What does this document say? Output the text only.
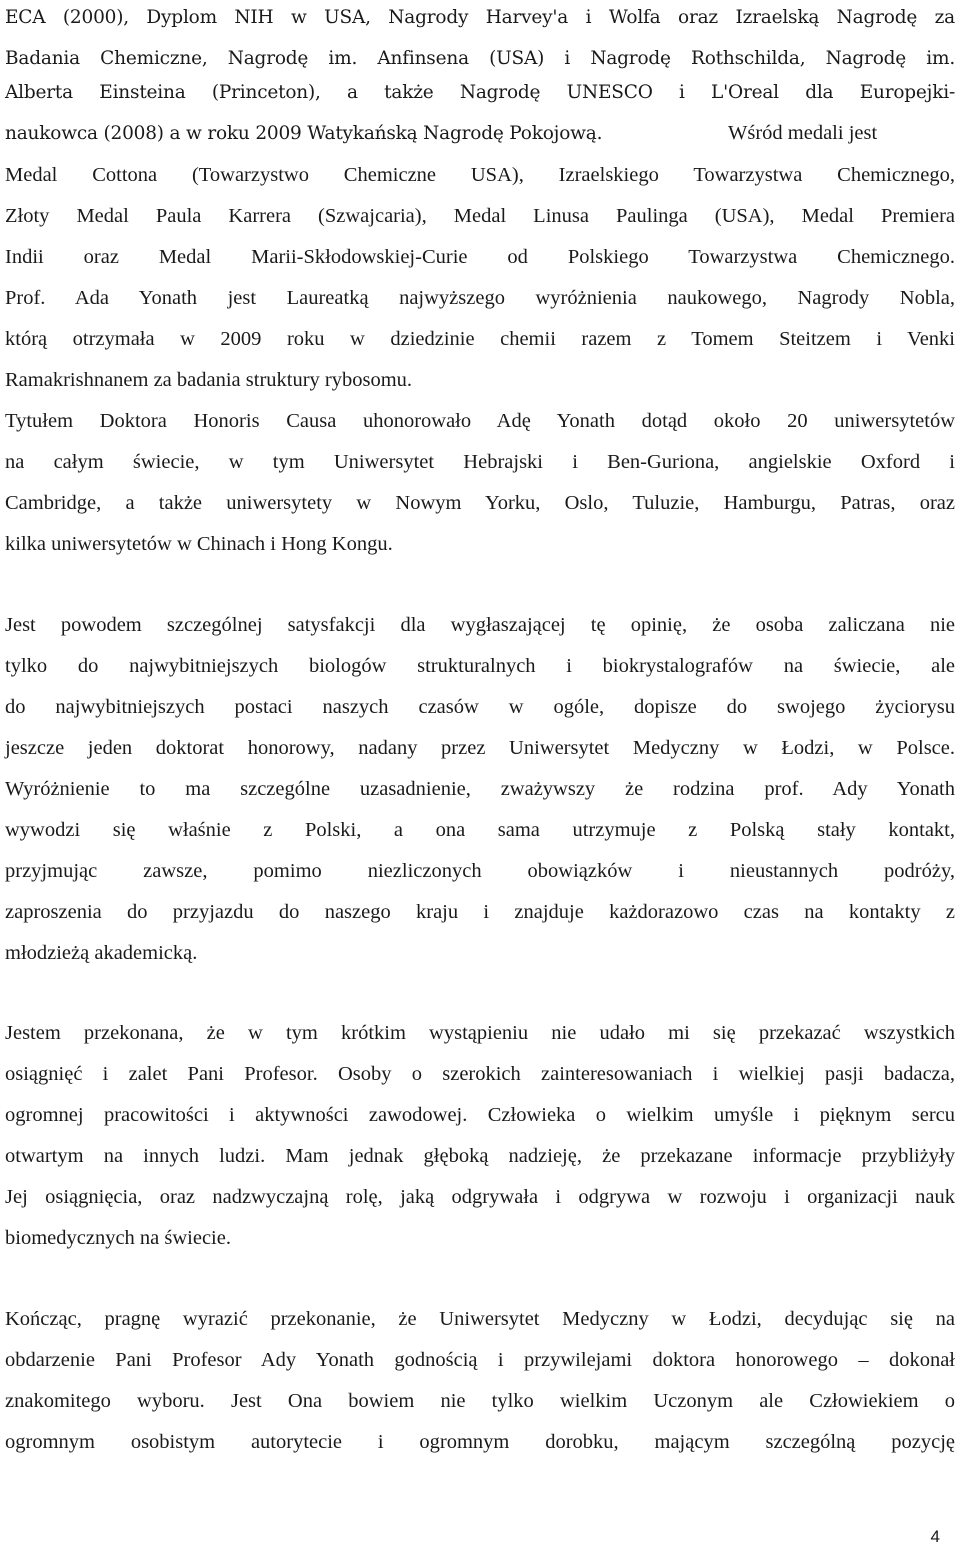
ECA (2000), Dyplom NIH w USA, Nagrody Harvey'a i Wolfa oraz Izraelską Nagrodę za
Badania Chemiczne, Nagrodę im. Anfinsena (USA) i Nagrodę Rothschilda, Nagrodę im.
Alberta Einsteina (Princeton), a także Nagrodę UNESCO i L'Oreal dla Europejki-
naukowca (2008) a w roku 2009 Watykańską Nagrodę Pokojową.	Wśród medali jest
Medal Cottona (Towarzystwo Chemiczne USA), Izraelskiego Towarzystwa Chemicznego,
Złoty Medal Paula Karrera (Szwajcaria), Medal Linusa Paulinga (USA), Medal Premiera
Indii oraz Medal Marii-Skłodowskiej-Curie od Polskiego Towarzystwa Chemicznego.
Prof. Ada Yonath jest Laureatką najwyższego wyróżnienia naukowego, Nagrody Nobla,
którą otrzymała w 2009 roku w dziedzinie chemii razem z Tomem Steitzem i Venki
Ramakrishnanem za badania struktury rybosomu.
Tytułem Doktora Honoris Causa uhonorowało Adę Yonath dotąd około 20 uniwersytetów
na całym świecie, w tym Uniwersytet Hebrajski i Ben-Guriona, angielskie Oxford i
Cambridge, a także uniwersytety w Nowym Yorku, Oslo, Tuluzie, Hamburgu, Patras, oraz
kilka uniwersytetów w Chinach i Hong Kongu.
Jest powodem szczególnej satysfakcji dla wygłaszającej tę opinię, że osoba zaliczana nie
tylko do najwybitniejszych biologów strukturalnych i biokrystalografów na świecie, ale
do najwybitniejszych postaci naszych czasów w ogóle, dopisze do swojego życiorysu
jeszcze jeden doktorat honorowy, nadany przez Uniwersytet Medyczny w Łodzi, w Polsce.
Wyróżnienie to ma szczególne uzasadnienie, zważywszy że rodzina prof. Ady Yonath
wywodzi się właśnie z Polski, a ona sama utrzymuje z Polską stały kontakt,
przyjmując zawsze, pomimo niezliczonych obowiązków i nieustannych podróży,
zaproszenia do przyjazdu do naszego kraju i znajduje każdorazowo czas na kontakty z
młodzieżą akademicką.
Jestem przekonana, że w tym krótkim wystąpieniu nie udało mi się przekazać wszystkich
osiągnięć i zalet Pani Profesor. Osoby o szerokich zainteresowaniach i wielkiej pasji badacza,
ogromnej pracowitości i aktywności zawodowej. Człowieka o wielkim umyśle i pięknym sercu
otwartym na innych ludzi. Mam jednak głęboką nadzieję, że przekazane informacje przybliżyły
Jej osiągnięcia, oraz nadzwyczajną rolę, jaką odgrywała i odgrywa w rozwoju i organizacji nauk
biomedycznych na świecie.
Kończąc, pragnę wyrazić przekonanie, że Uniwersytet Medyczny w Łodzi, decydując się na
obdarzenie Pani Profesor Ady Yonath godnością i przywilejami doktora honorowego – dokonał
znakomitego wyboru. Jest Ona bowiem nie tylko wielkim Uczonym ale Człowiekiem o
ogromnym osobistym autorytecie i ogromnym dorobku, mającym szczególną pozycję
4
